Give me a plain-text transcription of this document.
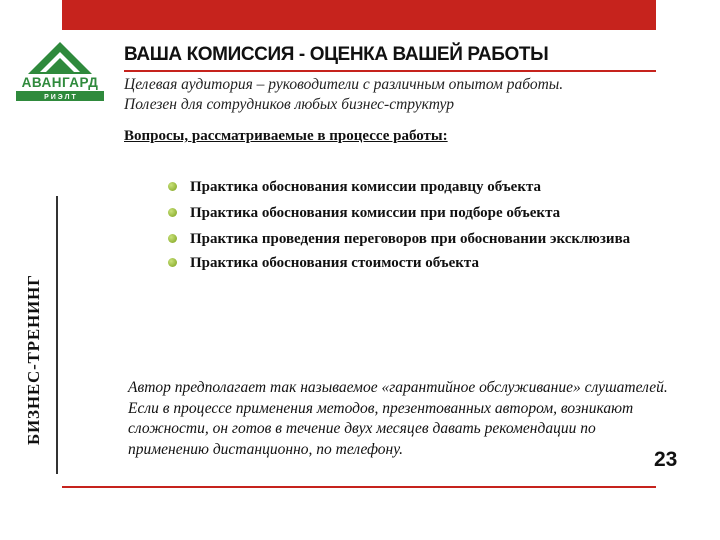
АВАНГАРД
Р И Э Л Т
ВАША КОМИССИЯ - ОЦЕНКА ВАШЕЙ РАБОТЫ
Целевая аудитория – руководители с различным опытом работы.
Полезен для сотрудников любых бизнес-структур
Вопросы, рассматриваемые в процессе работы:
БИЗНЕС-ТРЕНИНГ
Практика обоснования комиссии продавцу объекта
Практика обоснования комиссии при подборе объекта
Практика проведения переговоров при обосновании эксклюзива
Практика обоснования стоимости объекта
Автор предполагает так называемое «гарантийное обслуживание» слушателей. Если в процессе применения методов, презентованных автором, возникают сложности, он готов в течение двух месяцев давать рекомендации по применению дистанционно, по телефону.	23
